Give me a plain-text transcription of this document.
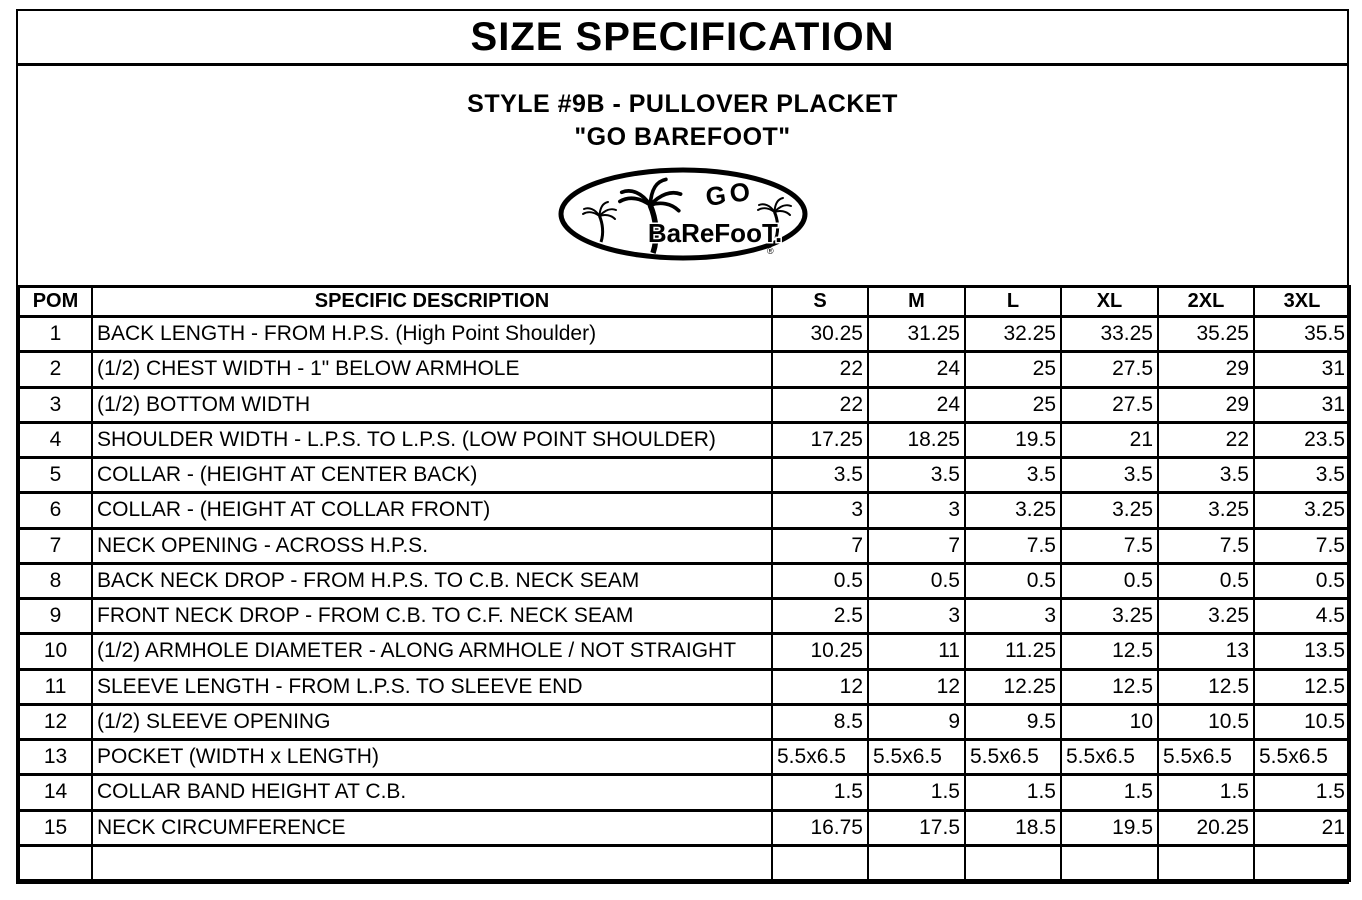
SIZE SPECIFICATION
STYLE #9B - PULLOVER PLACKET
"GO BAREFOOT"
GO
BaReFooT.
®
POM	SPECIFIC DESCRIPTION	S	M	L	XL	2XL	3XL
1	BACK LENGTH - FROM H.P.S. (High Point Shoulder)	30.25	31.25	32.25	33.25	35.25	35.5
2	(1/2) CHEST WIDTH - 1" BELOW ARMHOLE	22	24	25	27.5	29	31
3	(1/2) BOTTOM WIDTH	22	24	25	27.5	29	31
4	SHOULDER WIDTH - L.P.S. TO L.P.S. (LOW POINT SHOULDER)	17.25	18.25	19.5	21	22	23.5
5	COLLAR - (HEIGHT AT CENTER BACK)	3.5	3.5	3.5	3.5	3.5	3.5
6	COLLAR - (HEIGHT AT COLLAR FRONT)	3	3	3.25	3.25	3.25	3.25
7	NECK OPENING - ACROSS H.P.S.	7	7	7.5	7.5	7.5	7.5
8	BACK NECK DROP - FROM H.P.S. TO C.B. NECK SEAM	0.5	0.5	0.5	0.5	0.5	0.5
9	FRONT NECK DROP - FROM C.B. TO C.F. NECK SEAM	2.5	3	3	3.25	3.25	4.5
10	(1/2) ARMHOLE DIAMETER - ALONG ARMHOLE / NOT STRAIGHT	10.25	11	11.25	12.5	13	13.5
11	SLEEVE LENGTH - FROM L.P.S. TO SLEEVE END	12	12	12.25	12.5	12.5	12.5
12	(1/2) SLEEVE OPENING	8.5	9	9.5	10	10.5	10.5
13	POCKET (WIDTH x LENGTH)	5.5x6.5	5.5x6.5	5.5x6.5	5.5x6.5	5.5x6.5	5.5x6.5
14	COLLAR BAND HEIGHT AT C.B.	1.5	1.5	1.5	1.5	1.5	1.5
15	NECK CIRCUMFERENCE	16.75	17.5	18.5	19.5	20.25	21
